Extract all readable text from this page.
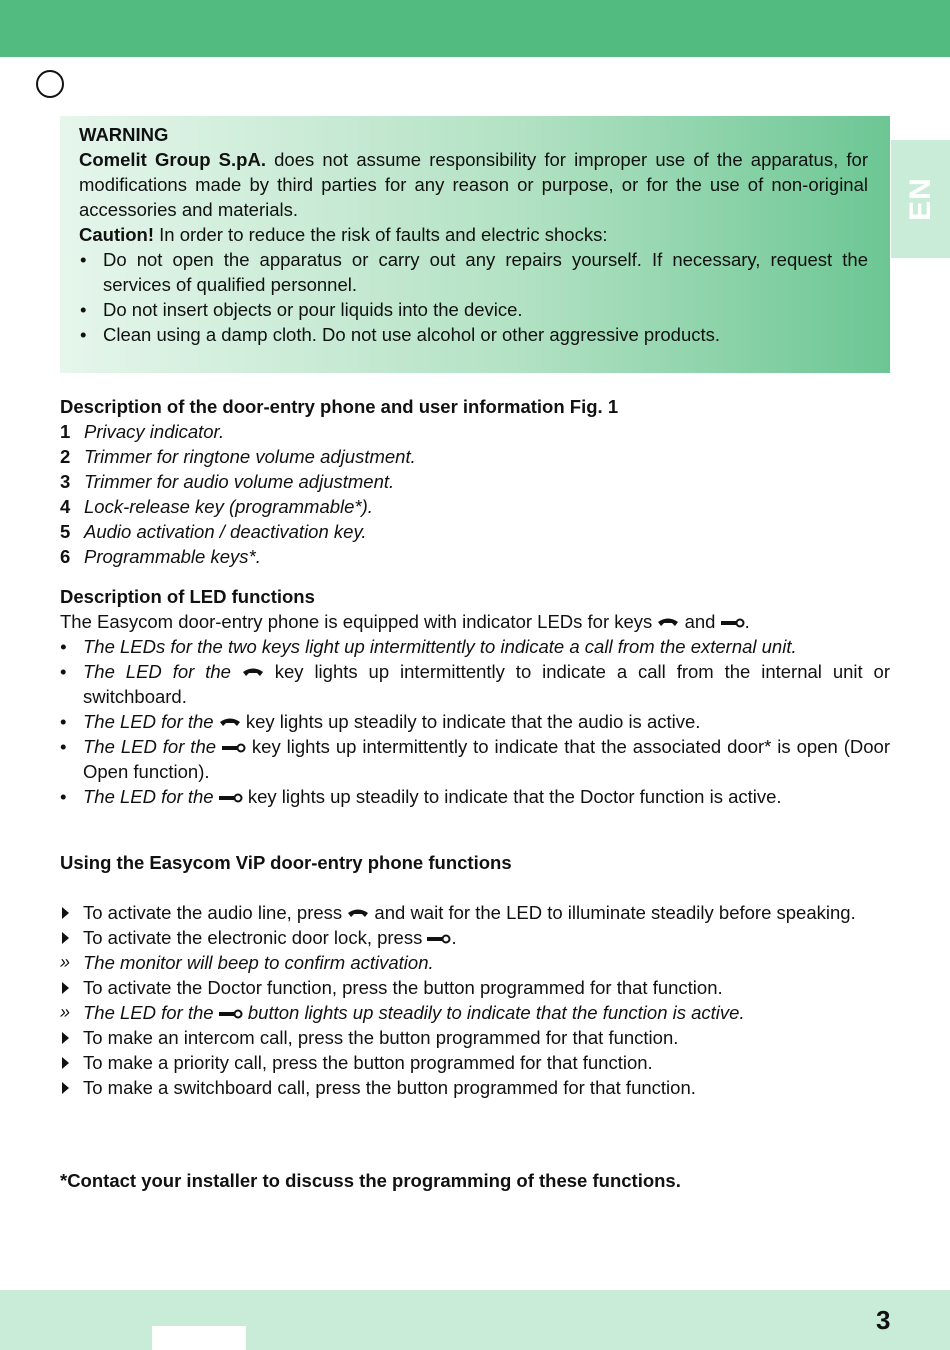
EN
WARNING
Comelit Group S.pA. does not assume responsibility for improper use of the apparatus, for modifications made by third parties for any reason or purpose, or for the use of non-original accessories and materials.
Caution! In order to reduce the risk of faults and electric shocks:
• Do not open the apparatus or carry out any repairs yourself. If necessary, request the services of qualified personnel.
• Do not insert objects or pour liquids into the device.
• Clean using a damp cloth. Do not use alcohol or other aggressive products.
Description of the door-entry phone and user information Fig. 1
1 Privacy indicator.
2 Trimmer for ringtone volume adjustment.
3 Trimmer for audio volume adjustment.
4 Lock-release key (programmable*).
5 Audio activation / deactivation key.
6 Programmable keys*.
Description of LED functions
The Easycom door-entry phone is equipped with indicator LEDs for keys  and .
• The LEDs for the two keys light up intermittently to indicate a call from the external unit.
• The LED for the  key lights up intermittently to indicate a call from the internal unit or switchboard.
• The LED for the  key lights up steadily to indicate that the audio is active.
• The LED for the  key lights up intermittently to indicate that the associated door* is open (Door Open function).
• The LED for the  key lights up steadily to indicate that the Doctor function is active.
Using the Easycom ViP door-entry phone functions
To activate the audio line, press  and wait for the LED to illuminate steadily before speaking.
To activate the electronic door lock, press .
» The monitor will beep to confirm activation.
To activate the Doctor function, press the button programmed for that function.
» The LED for the  button lights up steadily to indicate that the function is active.
To make an intercom call, press the button programmed for that function.
To make a priority call, press the button programmed for that function.
To make a switchboard call, press the button programmed for that function.
*Contact your installer to discuss the programming of these functions.
3
